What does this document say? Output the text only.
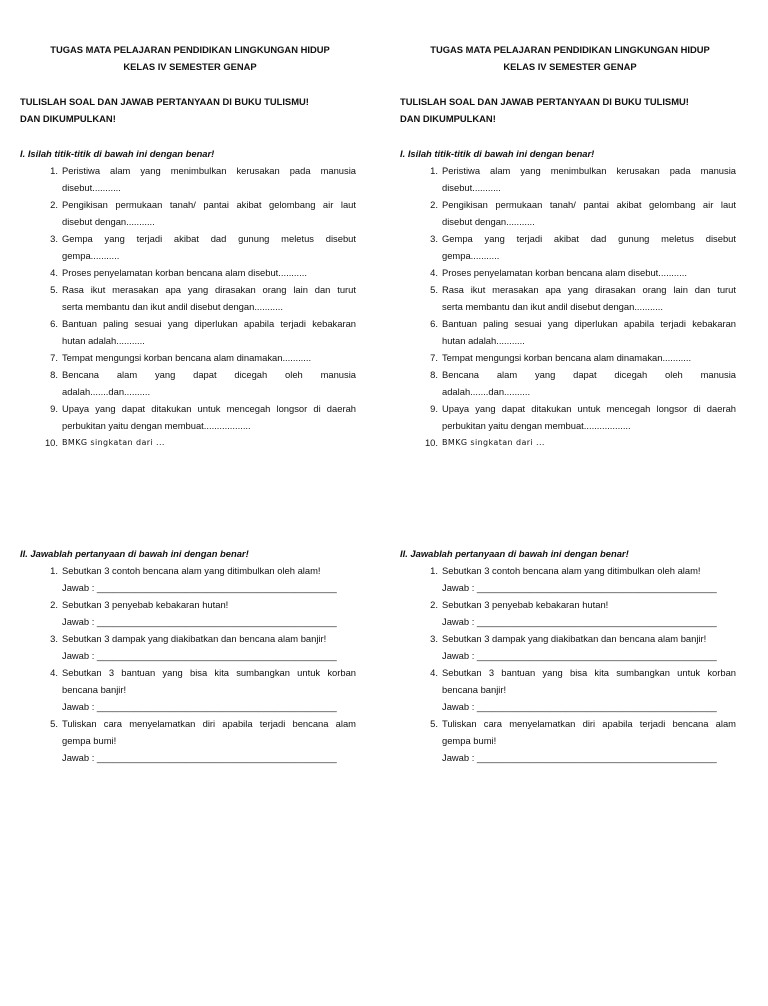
TUGAS MATA PELAJARAN PENDIDIKAN LINGKUNGAN HIDUP
KELAS IV SEMESTER GENAP
TULISLAH SOAL DAN JAWAB PERTANYAAN DI BUKU TULISMU!
DAN DIKUMPULKAN!
I. Isilah titik-titik di bawah ini dengan benar!
1. Peristiwa alam yang menimbulkan kerusakan pada manusia
disebut...........
2. Pengikisan permukaan tanah/ pantai akibat gelombang air laut
disebut dengan...........
3. Gempa yang terjadi akibat dad gunung meletus disebut
gempa...........
4. Proses penyelamatan korban bencana alam disebut...........
5. Rasa ikut merasakan apa yang dirasakan orang lain dan turut
serta membantu dan ikut andil disebut dengan...........
6. Bantuan paling sesuai yang diperlukan apabila terjadi kebakaran
hutan adalah...........
7. Tempat mengungsi korban bencana alam dinamakan...........
8. Bencana alam yang dapat dicegah oleh manusia
adalah.......dan..........
9. Upaya yang dapat ditakukan untuk mencegah longsor di daerah
perbukitan yaitu dengan membuat..................
10. BMKG singkatan dari ...
II. Jawablah pertanyaan di bawah ini dengan benar!
1. Sebutkan 3 contoh bencana alam yang ditimbulkan oleh alam!
Jawab : ______________________________________________
2. Sebutkan 3 penyebab kebakaran hutan!
Jawab : ______________________________________________
3. Sebutkan 3 dampak yang diakibatkan dan bencana alam banjir!
Jawab : ______________________________________________
4. Sebutkan 3 bantuan yang bisa kita sumbangkan untuk korban
bencana banjir!
Jawab : ______________________________________________
5. Tuliskan cara menyelamatkan diri apabila terjadi bencana alam
gempa bumi!
Jawab : ______________________________________________
TUGAS MATA PELAJARAN PENDIDIKAN LINGKUNGAN HIDUP
KELAS IV SEMESTER GENAP
TULISLAH SOAL DAN JAWAB PERTANYAAN DI BUKU TULISMU!
DAN DIKUMPULKAN!
I. Isilah titik-titik di bawah ini dengan benar!
1. Peristiwa alam yang menimbulkan kerusakan pada manusia
disebut...........
2. Pengikisan permukaan tanah/ pantai akibat gelombang air laut
disebut dengan...........
3. Gempa yang terjadi akibat dad gunung meletus disebut
gempa...........
4. Proses penyelamatan korban bencana alam disebut...........
5. Rasa ikut merasakan apa yang dirasakan orang lain dan turut
serta membantu dan ikut andil disebut dengan...........
6. Bantuan paling sesuai yang diperlukan apabila terjadi kebakaran
hutan adalah...........
7. Tempat mengungsi korban bencana alam dinamakan...........
8. Bencana alam yang dapat dicegah oleh manusia
adalah.......dan..........
9. Upaya yang dapat ditakukan untuk mencegah longsor di daerah
perbukitan yaitu dengan membuat..................
10. BMKG singkatan dari ...
II. Jawablah pertanyaan di bawah ini dengan benar!
1. Sebutkan 3 contoh bencana alam yang ditimbulkan oleh alam!
Jawab : ______________________________________________
2. Sebutkan 3 penyebab kebakaran hutan!
Jawab : ______________________________________________
3. Sebutkan 3 dampak yang diakibatkan dan bencana alam banjir!
Jawab : ______________________________________________
4. Sebutkan 3 bantuan yang bisa kita sumbangkan untuk korban
bencana banjir!
Jawab : ______________________________________________
5. Tuliskan cara menyelamatkan diri apabila terjadi bencana alam
gempa bumi!
Jawab : ______________________________________________
